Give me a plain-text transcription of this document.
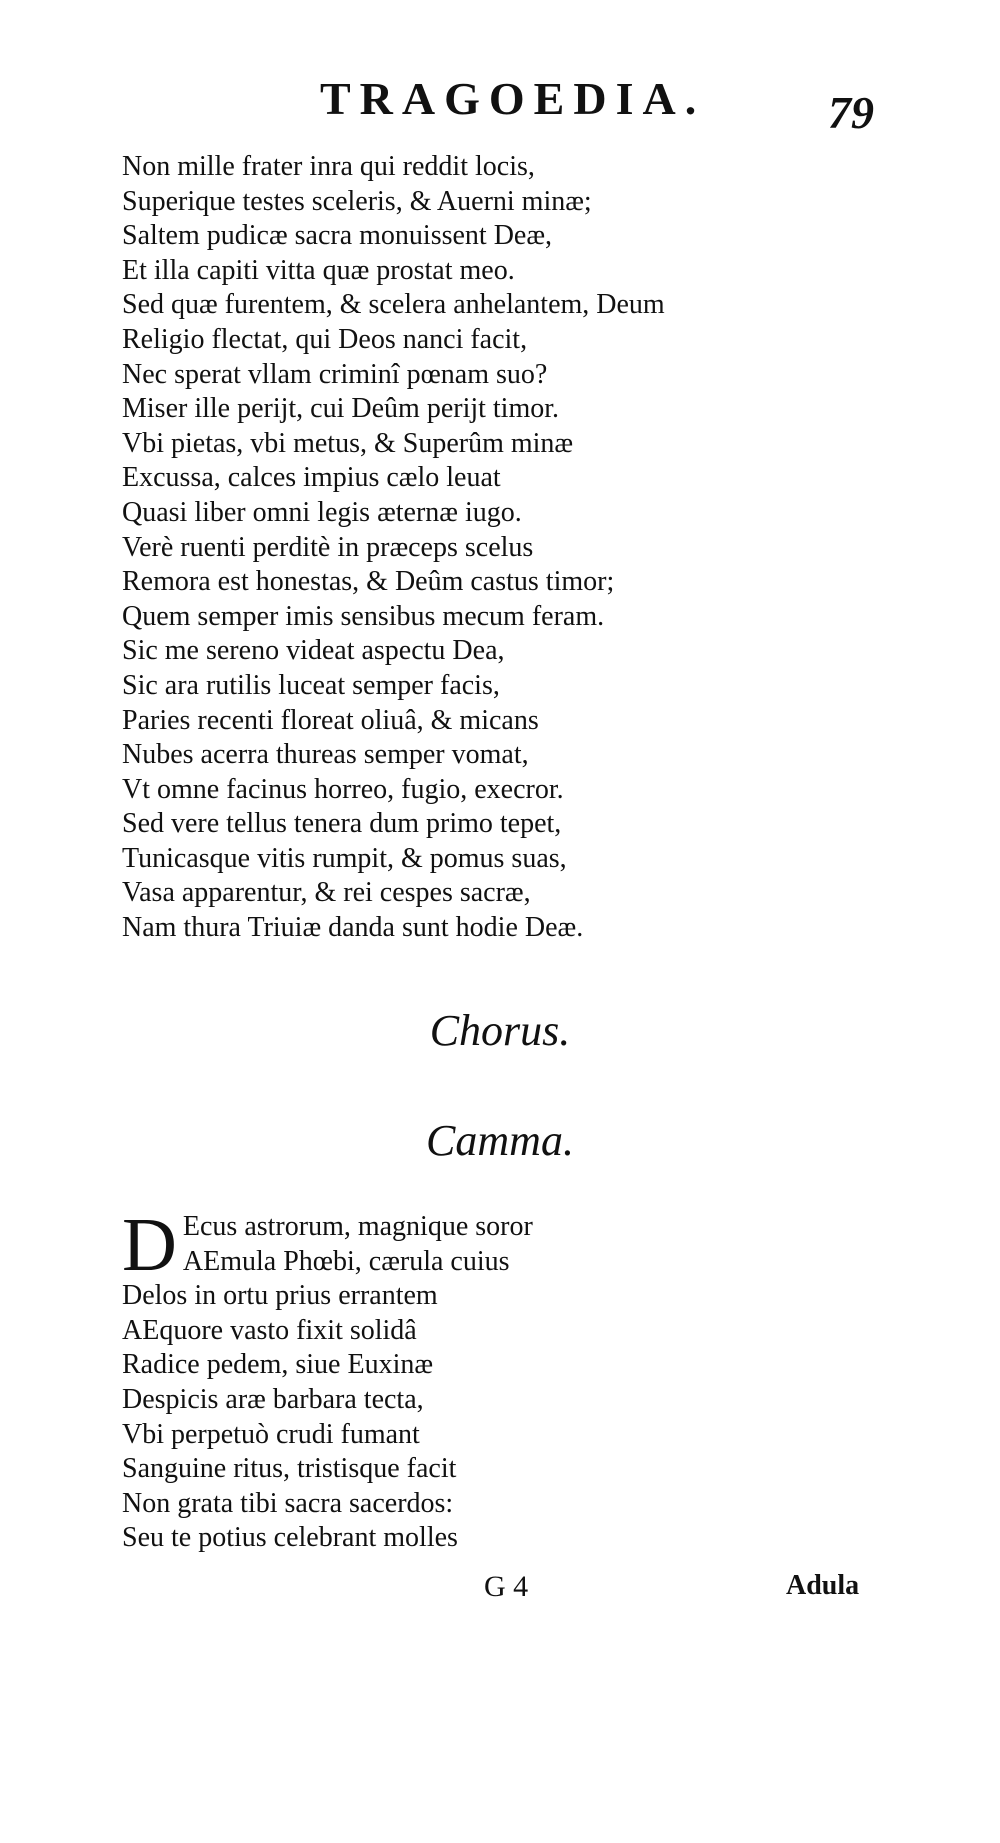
TRAGOEDIA.	79
Non mille frater inra qui reddit locis,
Superique testes sceleris, & Auerni minæ;
Saltem pudicæ sacra monuissent Deæ,
Et illa capiti vitta quæ prostat meo.
Sed quæ furentem, & scelera anhelantem, Deum
Religio flectat, qui Deos nanci facit,
Nec sperat vllam criminî pœnam suo?
Miser ille perijt, cui Deûm perijt timor.
Vbi pietas, vbi metus, & Superûm minæ
Excussa, calces impius cælo leuat
Quasi liber omni legis æternæ iugo.
Verè ruenti perditè in præceps scelus
Remora est honestas, & Deûm castus timor;
Quem semper imis sensibus mecum feram.
Sic me sereno videat aspectu Dea,
Sic ara rutilis luceat semper facis,
Paries recenti floreat oliuâ, & micans
Nubes acerra thureas semper vomat,
Vt omne facinus horreo, fugio, execror.
Sed vere tellus tenera dum primo tepet,
Tunicasque vitis rumpit, & pomus suas,
Vasa apparentur, & rei cespes sacræ,
Nam thura Triuiæ danda sunt hodie Deæ.
Chorus.
Camma.
D Ecus astrorum, magnique soror
AEmula Phœbi, cærula cuius
Delos in ortu prius errantem
AEquore vasto fixit solidâ
Radice pedem, siue Euxinæ
Despicis aræ barbara tecta,
Vbi perpetuò crudi fumant
Sanguine ritus, tristisque facit
Non grata tibi sacra sacerdos:
Seu te potius celebrant molles
G 4	Adula
